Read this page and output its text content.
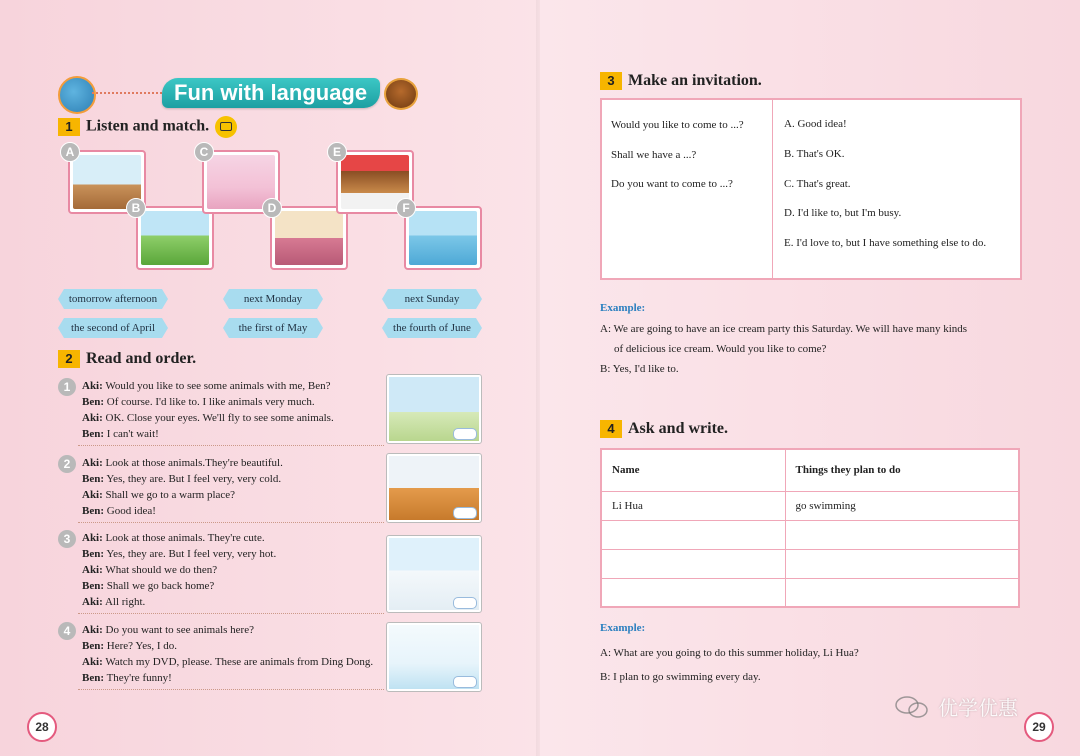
Fun with language
1 Listen and match.
A
B
C
D
E
F
tomorrow afternoon	next Monday	next Sunday
the second of April	the first of May	the fourth of June
2 Read and order.
1	Aki: Would you like to see some animals with me, Ben?
Ben: Of course. I'd like to. I like animals very much.
Aki: OK. Close your eyes. We'll fly to see some animals.
Ben: I can't wait!
2	Aki: Look at those animals.They're beautiful.
Ben: Yes, they are. But I feel very, very cold.
Aki: Shall we go to a warm place?
Ben: Good idea!
3	Aki: Look at those animals. They're cute.
Ben: Yes, they are. But I feel very, very hot.
Aki: What should we do then?
Ben: Shall we go back home?
Aki: All right.
4	Aki: Do you want to see animals here?
Ben: Here? Yes, I do.
Aki: Watch my DVD, please. These are animals from Ding Dong.
Ben: They're funny!
28
3 Make an invitation.
Would you like to come to ...?
Shall we have a ...?
Do you want to come to ...?
A. Good idea!
B. That's OK.
C. That's great.
D. I'd like to, but I'm busy.
E. I'd love to, but I have something else to do.
Example:
A: We are going to have an ice cream party this Saturday. We will have many kinds
of delicious ice cream. Would you like to come?
B: Yes, I'd like to.
4 Ask and write.
Name	Things they plan to do
Li Hua	go swimming

Example:
A: What are you going to do this summer holiday, Li Hua?
B: I plan to go swimming every day.
29
优学优惠
